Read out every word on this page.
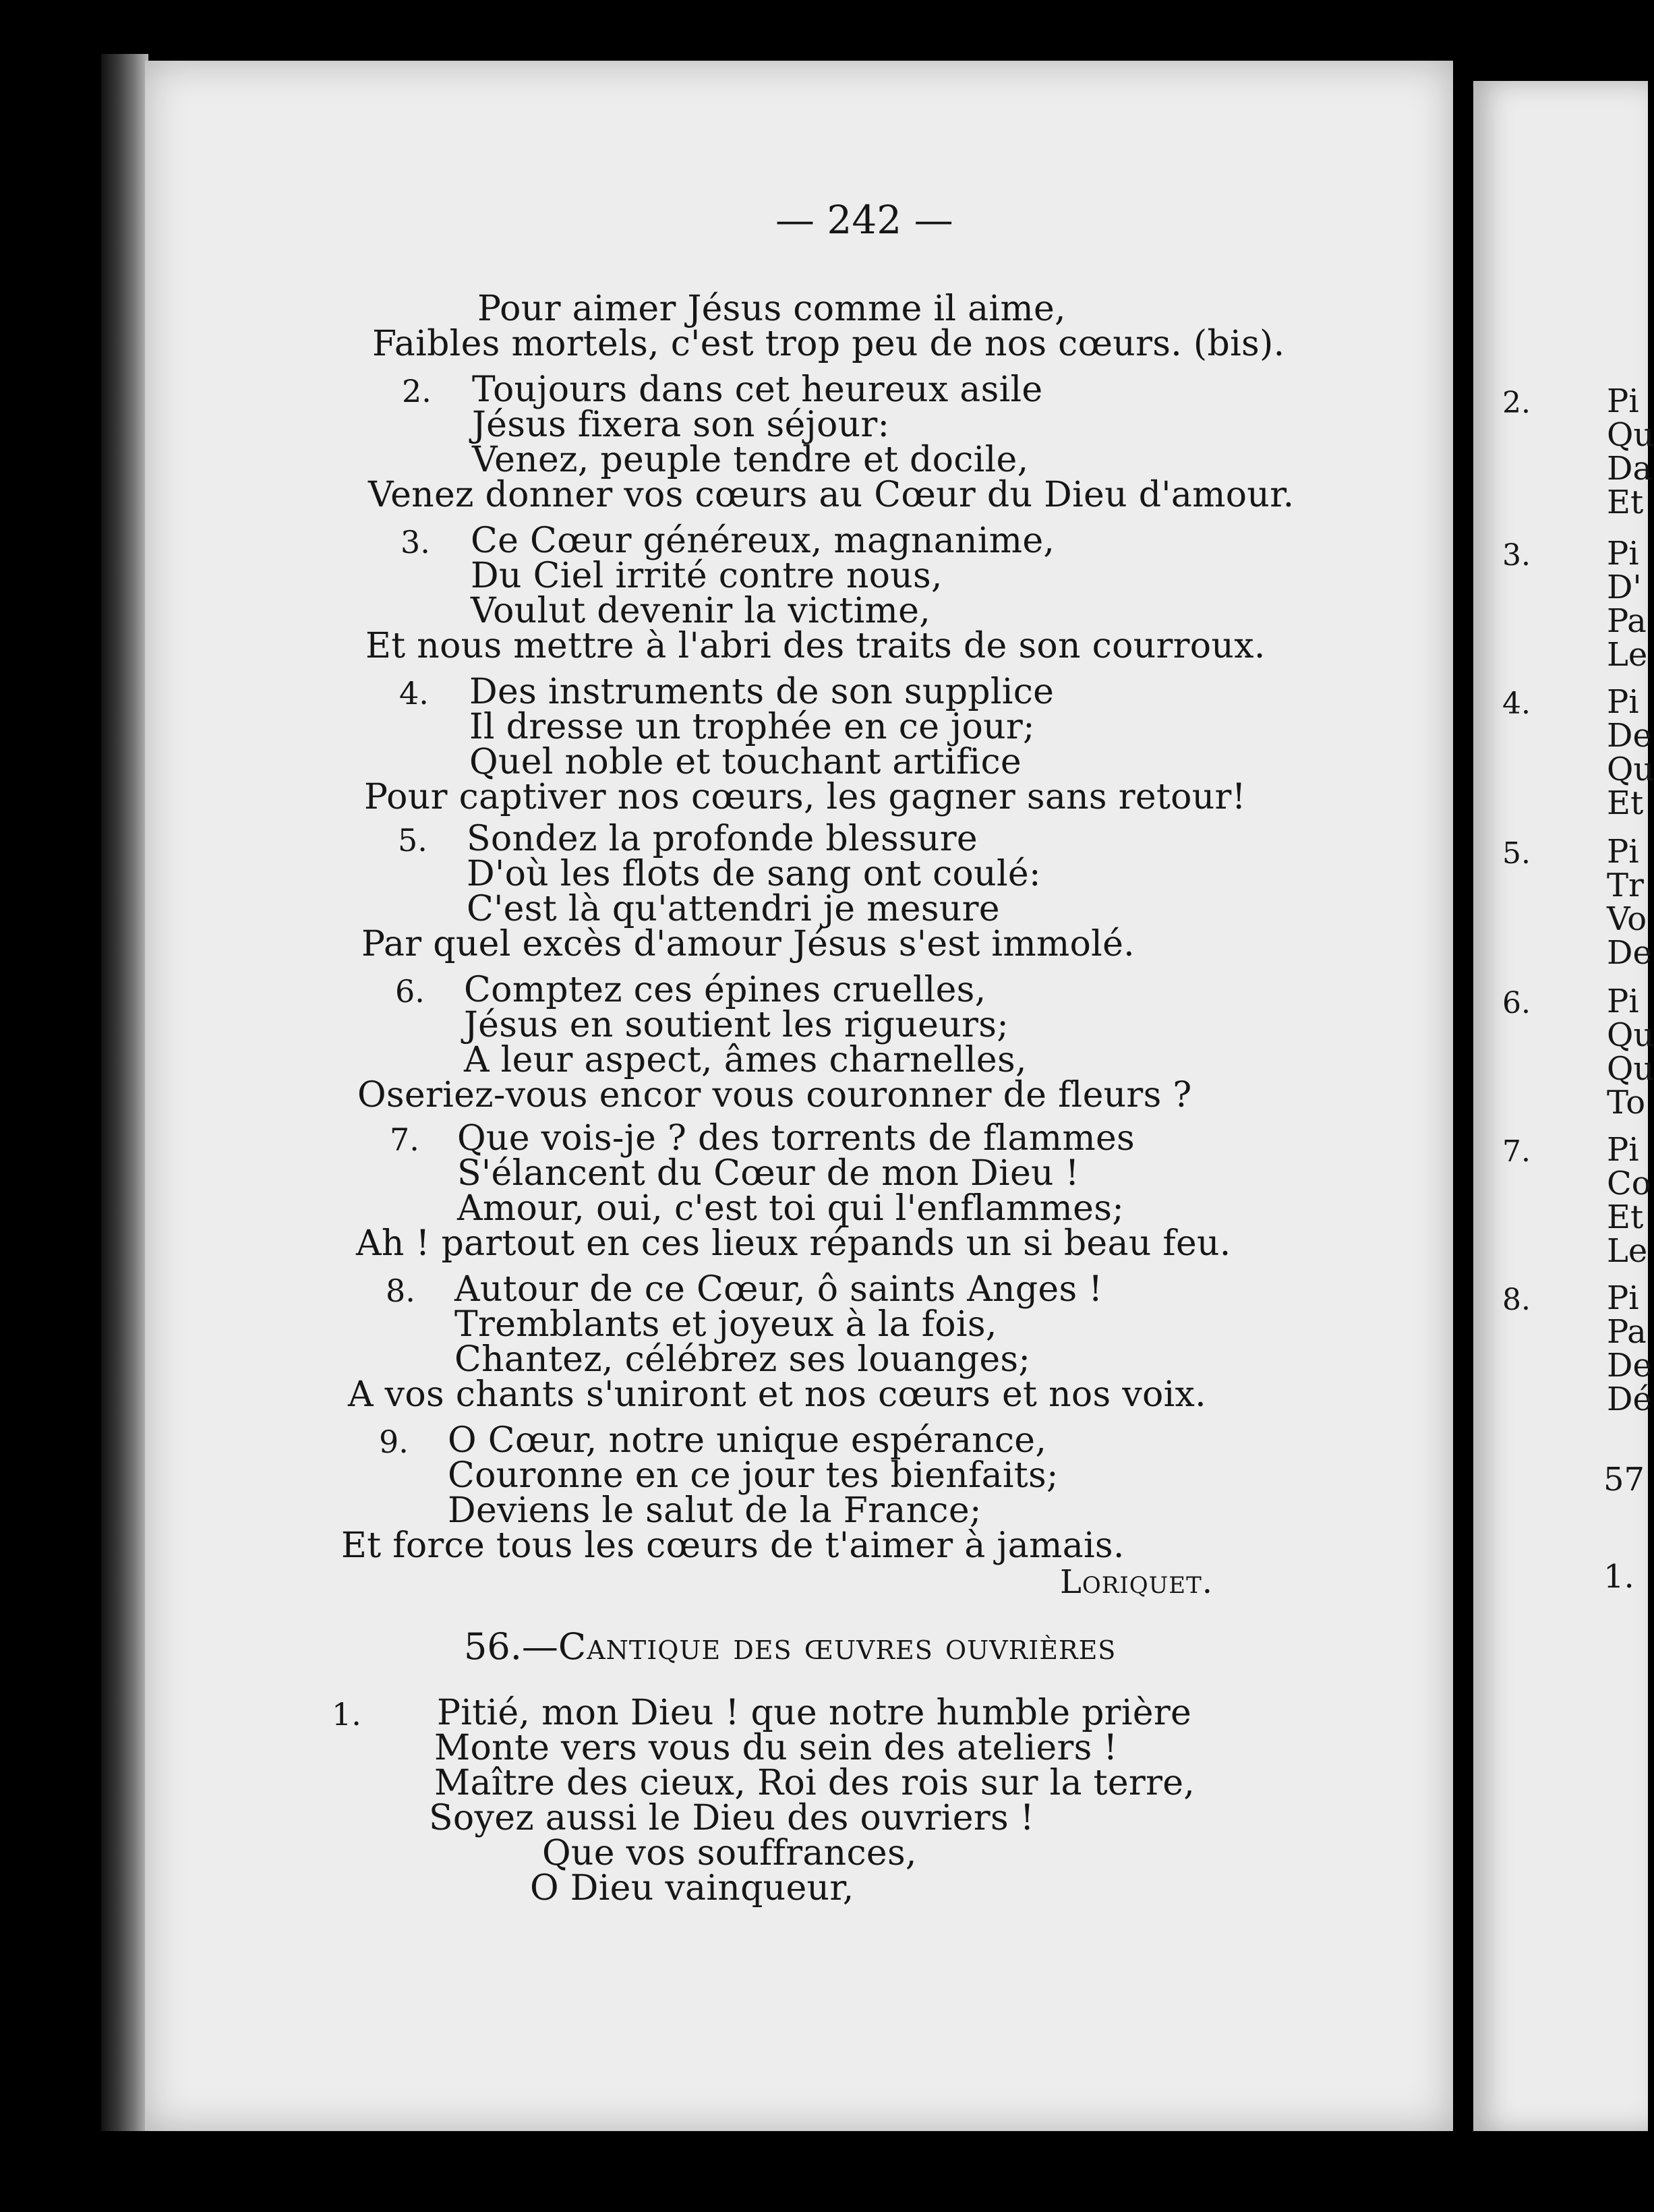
— 242 —
Pour aimer Jésus comme il aime,
Faibles mortels, c'est trop peu de nos cœurs. (bis).
2. Toujours dans cet heureux asile
Jésus fixera son séjour:
Venez, peuple tendre et docile,
Venez donner vos cœurs au Cœur du Dieu d'amour.
3. Ce Cœur généreux, magnanime,
Du Ciel irrité contre nous,
Voulut devenir la victime,
Et nous mettre à l'abri des traits de son courroux.
4. Des instruments de son supplice
Il dresse un trophée en ce jour;
Quel noble et touchant artifice
Pour captiver nos cœurs, les gagner sans retour!
5. Sondez la profonde blessure
D'où les flots de sang ont coulé:
C'est là qu'attendri je mesure
Par quel excès d'amour Jésus s'est immolé.
6. Comptez ces épines cruelles,
Jésus en soutient les rigueurs;
A leur aspect, âmes charnelles,
Oseriez-vous encor vous couronner de fleurs ?
7. Que vois-je ? des torrents de flammes
S'élancent du Cœur de mon Dieu !
Amour, oui, c'est toi qui l'enflammes;
Ah ! partout en ces lieux répands un si beau feu.
8. Autour de ce Cœur, ô saints Anges !
Tremblants et joyeux à la fois,
Chantez, célébrez ses louanges;
A vos chants s'uniront et nos cœurs et nos voix.
9. O Cœur, notre unique espérance,
Couronne en ce jour tes bienfaits;
Deviens le salut de la France;
Et force tous les cœurs de t'aimer à jamais.
Loriquet.
56.—Cantique des œuvres ouvrières
1. Pitié, mon Dieu ! que notre humble prière
Monte vers vous du sein des ateliers !
Maître des cieux, Roi des rois sur la terre,
Soyez aussi le Dieu des ouvriers !
Que vos souffrances,
O Dieu vainqueur,
2. Pi
Qu
Da
Et
3. Pi
D'
Pa
Le
4. Pi
De
Qu
Et
5. Pi
Tr
Vo
De
6. Pi
Qu
Qu
To
7. Pi
Co
Et
Le
8. Pi
Pa
De
Dé
57
1.
